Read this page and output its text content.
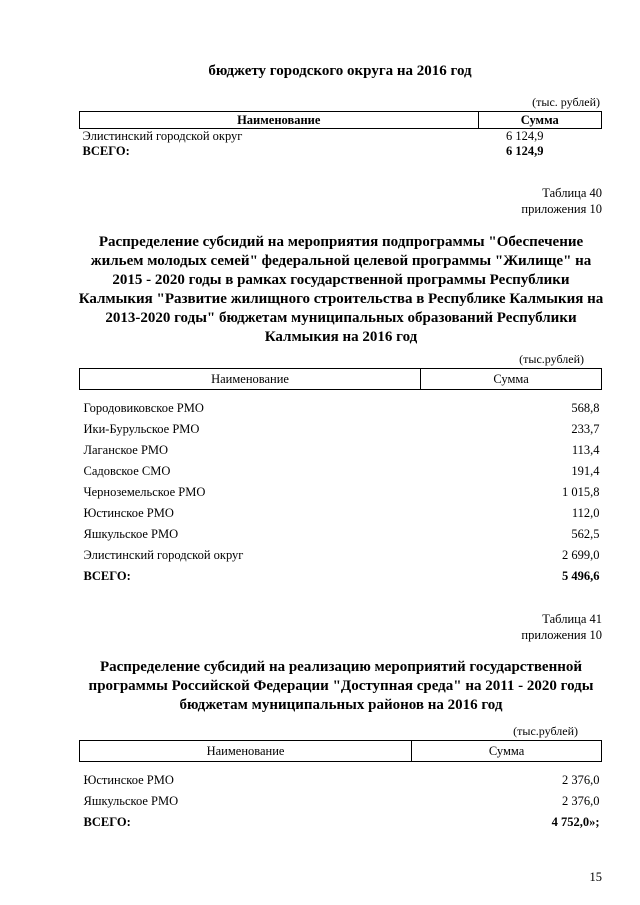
бюджету городского округа на 2016 год
(тыс. рублей)
Наименование	Сумма
Элистинский городской округ	6 124,9
ВСЕГО:	6 124,9
Таблица 40
приложения 10
Распределение субсидий на мероприятия подпрограммы "Обеспечение жильем молодых семей" федеральной целевой программы "Жилище" на 2015 - 2020 годы в рамках государственной программы Республики Калмыкия "Развитие жилищного строительства в Республике Калмыкия на 2013-2020 годы" бюджетам муниципальных образований Республики Калмыкия на 2016 год
(тыс.рублей)
Наименование	Сумма

Городовиковское РМО	568,8
Ики-Бурульское РМО	233,7
Лаганское РМО	113,4
Садовское СМО	191,4
Черноземельское РМО	1 015,8
Юстинское РМО	112,0
Яшкульское РМО	562,5
Элистинский городской округ	2 699,0
ВСЕГО:	5 496,6
Таблица 41
приложения 10
Распределение субсидий на реализацию мероприятий государственной программы Российской Федерации "Доступная среда" на 2011 - 2020 годы бюджетам муниципальных районов на 2016 год
(тыс.рублей)
Наименование	Сумма

Юстинское РМО	2 376,0
Яшкульское РМО	2 376,0
ВСЕГО:	4 752,0»;
15
